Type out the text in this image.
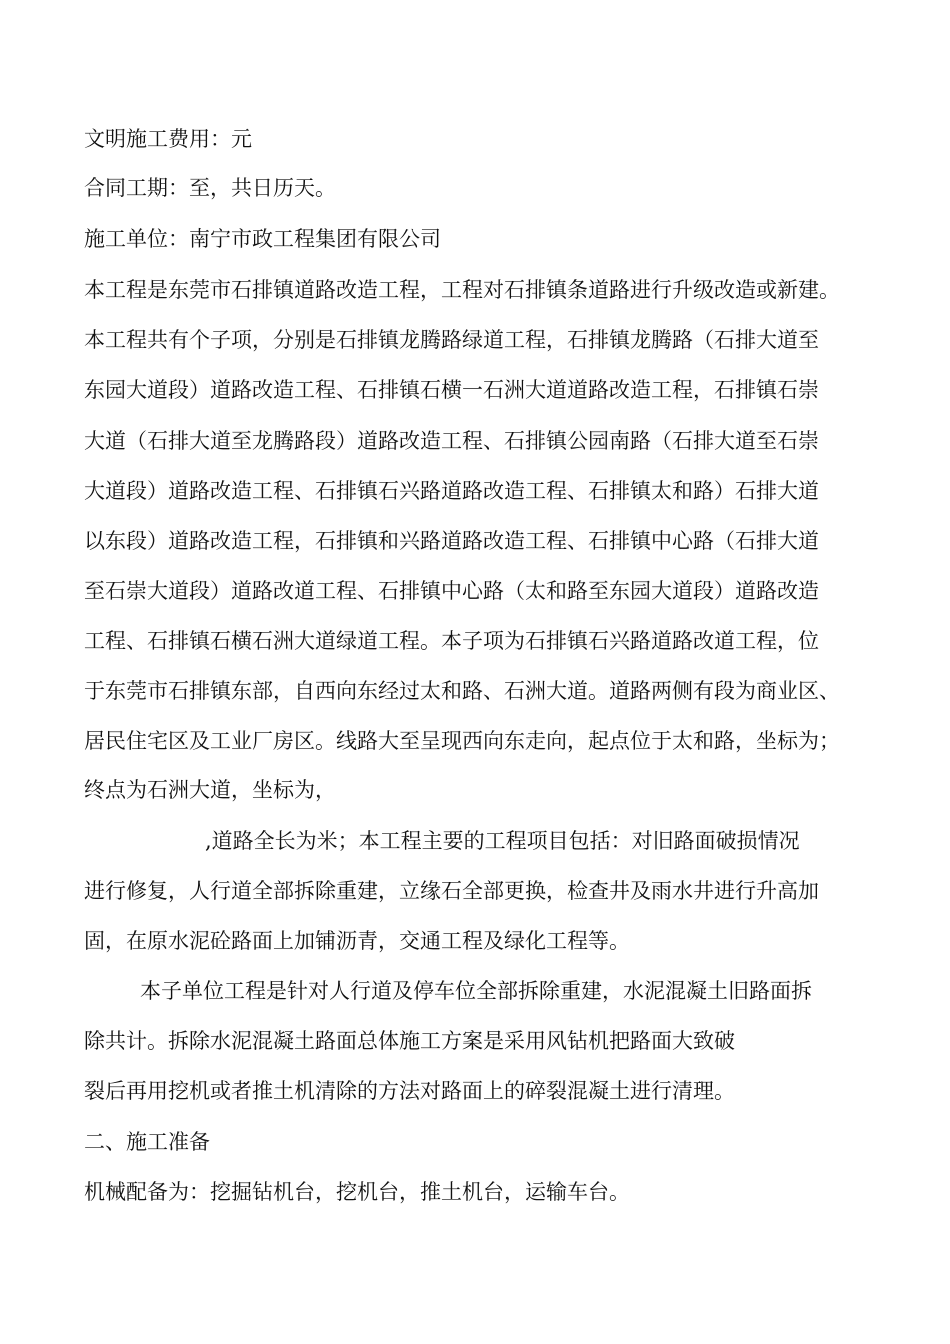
文明施工费用：元
合同工期：至，共日历天。
施工单位：南宁市政工程集团有限公司
本工程是东莞市石排镇道路改造工程，工程对石排镇条道路进行升级改造或新建。
本工程共有个子项，分别是石排镇龙腾路绿道工程，石排镇龙腾路（石排大道至
东园大道段）道路改造工程、石排镇石横一石洲大道道路改造工程，石排镇石崇
大道（石排大道至龙腾路段）道路改造工程、石排镇公园南路（石排大道至石崇
大道段）道路改造工程、石排镇石兴路道路改造工程、石排镇太和路）石排大道
以东段）道路改造工程，石排镇和兴路道路改造工程、石排镇中心路（石排大道
至石崇大道段）道路改道工程、石排镇中心路（太和路至东园大道段）道路改造
工程、石排镇石横石洲大道绿道工程。本子项为石排镇石兴路道路改道工程，位
于东莞市石排镇东部，自西向东经过太和路、石洲大道。道路两侧有段为商业区、
居民住宅区及工业厂房区。线路大至呈现西向东走向，起点位于太和路，坐标为；
终点为石洲大道，坐标为，
,道路全长为米；本工程主要的工程项目包括：对旧路面破损情况
进行修复，人行道全部拆除重建，立缘石全部更换，检查井及雨水井进行升高加
固，在原水泥砼路面上加铺沥青，交通工程及绿化工程等。
本子单位工程是针对人行道及停车位全部拆除重建，水泥混凝土旧路面拆
除共计。拆除水泥混凝土路面总体施工方案是采用风钻机把路面大致破
裂后再用挖机或者推土机清除的方法对路面上的碎裂混凝土进行清理。
二、施工准备
机械配备为：挖掘钻机台，挖机台，推土机台，运输车台。
